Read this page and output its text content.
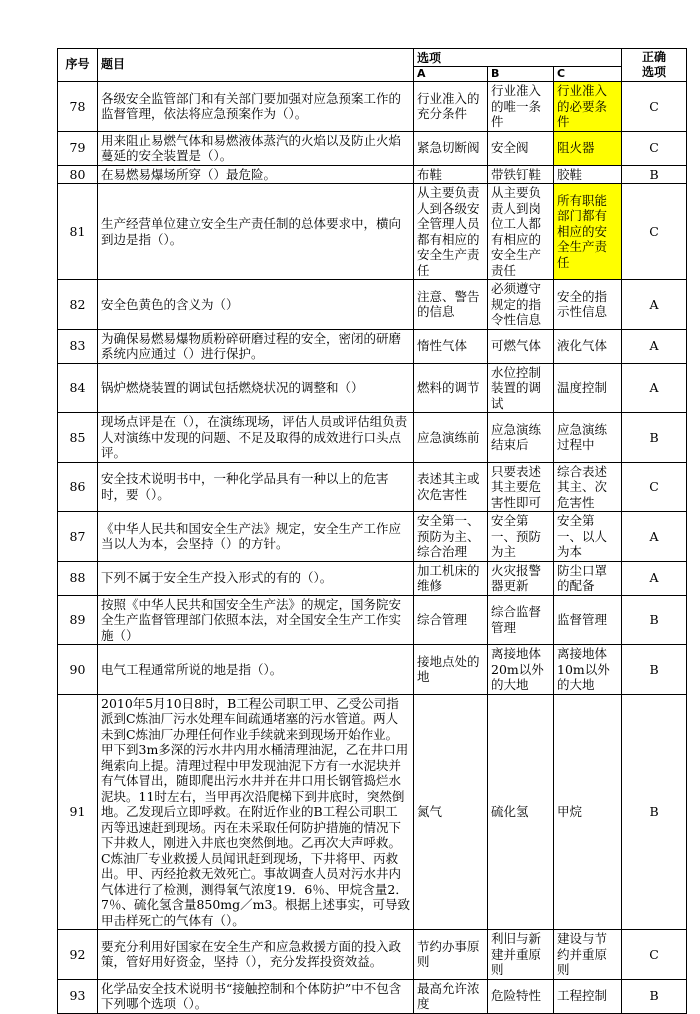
序号	题目	选项			正确选项
		A	B	C	
78	各级安全监管部门和有关部门要加强对应急预案工作的监督管理，依法将应急预案作为（）。	行业准入的充分条件	行业准入的唯一条件	行业准入的必要条件	C
79	用来阻止易燃气体和易燃液体蒸汽的火焰以及防止火焰蔓延的安全装置是（）。	紧急切断阀	安全阀	阻火器	C
80	在易燃易爆场所穿（）最危险。	布鞋	带铁钉鞋	胶鞋	B
81	生产经营单位建立安全生产责任制的总体要求中，横向到边是指（）。	从主要负责人到各级安全管理人员都有相应的安全生产责任	从主要负责人到岗位工人都有相应的安全生产责任	所有职能部门都有相应的安全生产责任	C
82	安全色黄色的含义为（）	注意、警告的信息	必须遵守规定的指令性信息	安全的指示性信息	A
83	为确保易燃易爆物质粉碎研磨过程的安全，密闭的研磨系统内应通过（）进行保护。	惰性气体	可燃气体	液化气体	A
84	锅炉燃烧装置的调试包括燃烧状况的调整和（）	燃料的调节	水位控制装置的调试	温度控制	A
85	现场点评是在（），在演练现场，评估人员或评估组负责人对演练中发现的问题、不足及取得的成效进行口头点评。	应急演练前	应急演练结束后	应急演练过程中	B
86	安全技术说明书中，一种化学品具有一种以上的危害时，要（）。	表述其主或次危害性	只要表述其主要危害性即可	综合表述其主、次危害性	C
87	《中华人民共和国安全生产法》规定，安全生产工作应当以人为本，会坚持（）的方针。	安全第一、预防为主、综合治理	安全第一、预防为主	安全第一、以人为本	A
88	下列不属于安全生产投入形式的有的（）。	加工机床的维修	火灾报警器更新	防尘口罩的配备	A
89	按照《中华人民共和国安全生产法》的规定，国务院安全生产监督管理部门依照本法，对全国安全生产工作实施（）	综合管理	综合监督管理	监督管理	B
90	电气工程通常所说的地是指（）。	接地点处的地	离接地体20m以外的大地	离接地体10m以外的大地	B
91	2010年5月10日8时，B工程公司职工甲、乙受公司指派到C炼油厂污水处理车间疏通堵塞的污水管道。两人未到C炼油厂办理任何作业手续就来到现场开始作业。甲下到3m多深的污水井内用水桶清理油泥，乙在井口用绳索向上提。清理过程中甲发现油泥下方有一水泥块并有气体冒出，随即爬出污水井并在井口用长钢管捣烂水泥块。11时左右，当甲再次沿爬梯下到井底时，突然倒地。乙发现后立即呼救。在附近作业的B工程公司职工丙等迅速赶到现场。丙在未采取任何防护措施的情况下下井救人，刚进入井底也突然倒地。乙再次大声呼救。C炼油厂专业救援人员闻讯赶到现场，下井将甲、丙救出。甲、丙经抢救无效死亡。事故调查人员对污水井内气体进行了检测，测得氧气浓度19．6％、甲烷含量2．7％、硫化氢含量850mg／m3。根据上述事实，可导致甲击样死亡的气体有（）。	氮气	硫化氢	甲烷	B
92	要充分利用好国家在安全生产和应急救援方面的投入政策，管好用好资金，坚持（），充分发挥投资效益。	节约办事原则	利旧与新建并重原则	建设与节约并重原则	C
93	化学品安全技术说明书“接触控制和个体防护”中不包含下列哪个选项（）。	最高允许浓度	危险特性	工程控制	B
